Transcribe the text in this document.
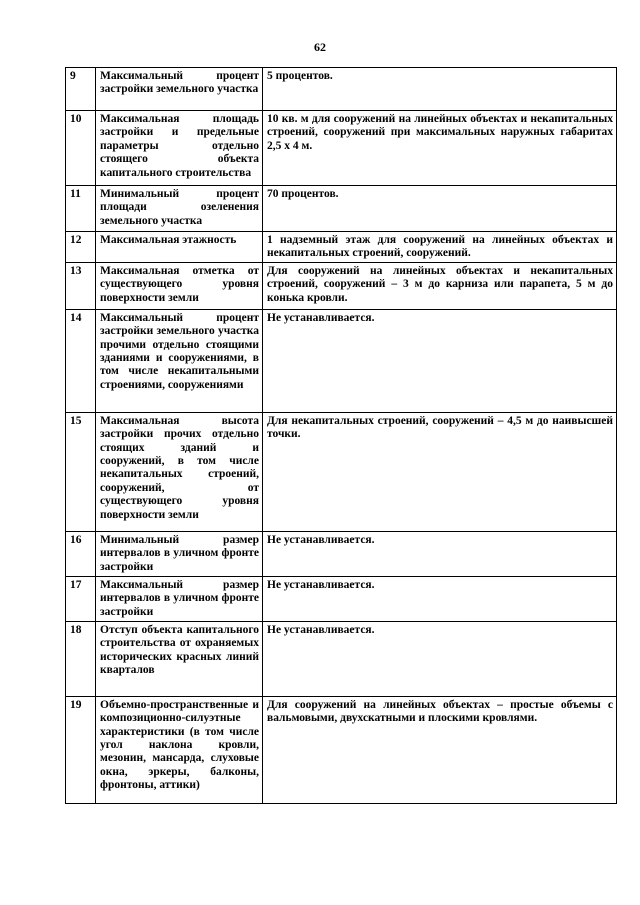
62
9	Максимальный процент застройки земельного участка	5 процентов.
10	Максимальная площадь застройки и предельные параметры отдельно стоящего объекта капитального строительства	10 кв. м для сооружений на линейных объектах и некапитальных строений, сооружений при максимальных наружных габаритах 2,5 х 4 м.
11	Минимальный процент площади озеленения земельного участка	70 процентов.
12	Максимальная этажность	1 надземный этаж для сооружений на линейных объектах и некапитальных строений, сооружений.
13	Максимальная отметка от существующего уровня поверхности земли	Для сооружений на линейных объектах и некапитальных строений, сооружений – 3 м до карниза или парапета, 5 м до конька кровли.
14	Максимальный процент застройки земельного участка прочими отдельно стоящими зданиями и сооружениями, в том числе некапитальными строениями, сооружениями	Не устанавливается.
15	Максимальная высота застройки прочих отдельно стоящих зданий и сооружений, в том числе некапитальных строений, сооружений, от существующего уровня поверхности земли	Для некапитальных строений, сооружений – 4,5 м до наивысшей точки.
16	Минимальный размер интервалов в уличном фронте застройки	Не устанавливается.
17	Максимальный размер интервалов в уличном фронте застройки	Не устанавливается.
18	Отступ объекта капитального строительства от охраняемых исторических красных линий кварталов	Не устанавливается.
19	Объемно-пространственные и композиционно-силуэтные характеристики (в том числе угол наклона кровли, мезонин, мансарда, слуховые окна, эркеры, балконы, фронтоны, аттики)	Для сооружений на линейных объектах – простые объемы с вальмовыми, двухскатными и плоскими кровлями.
